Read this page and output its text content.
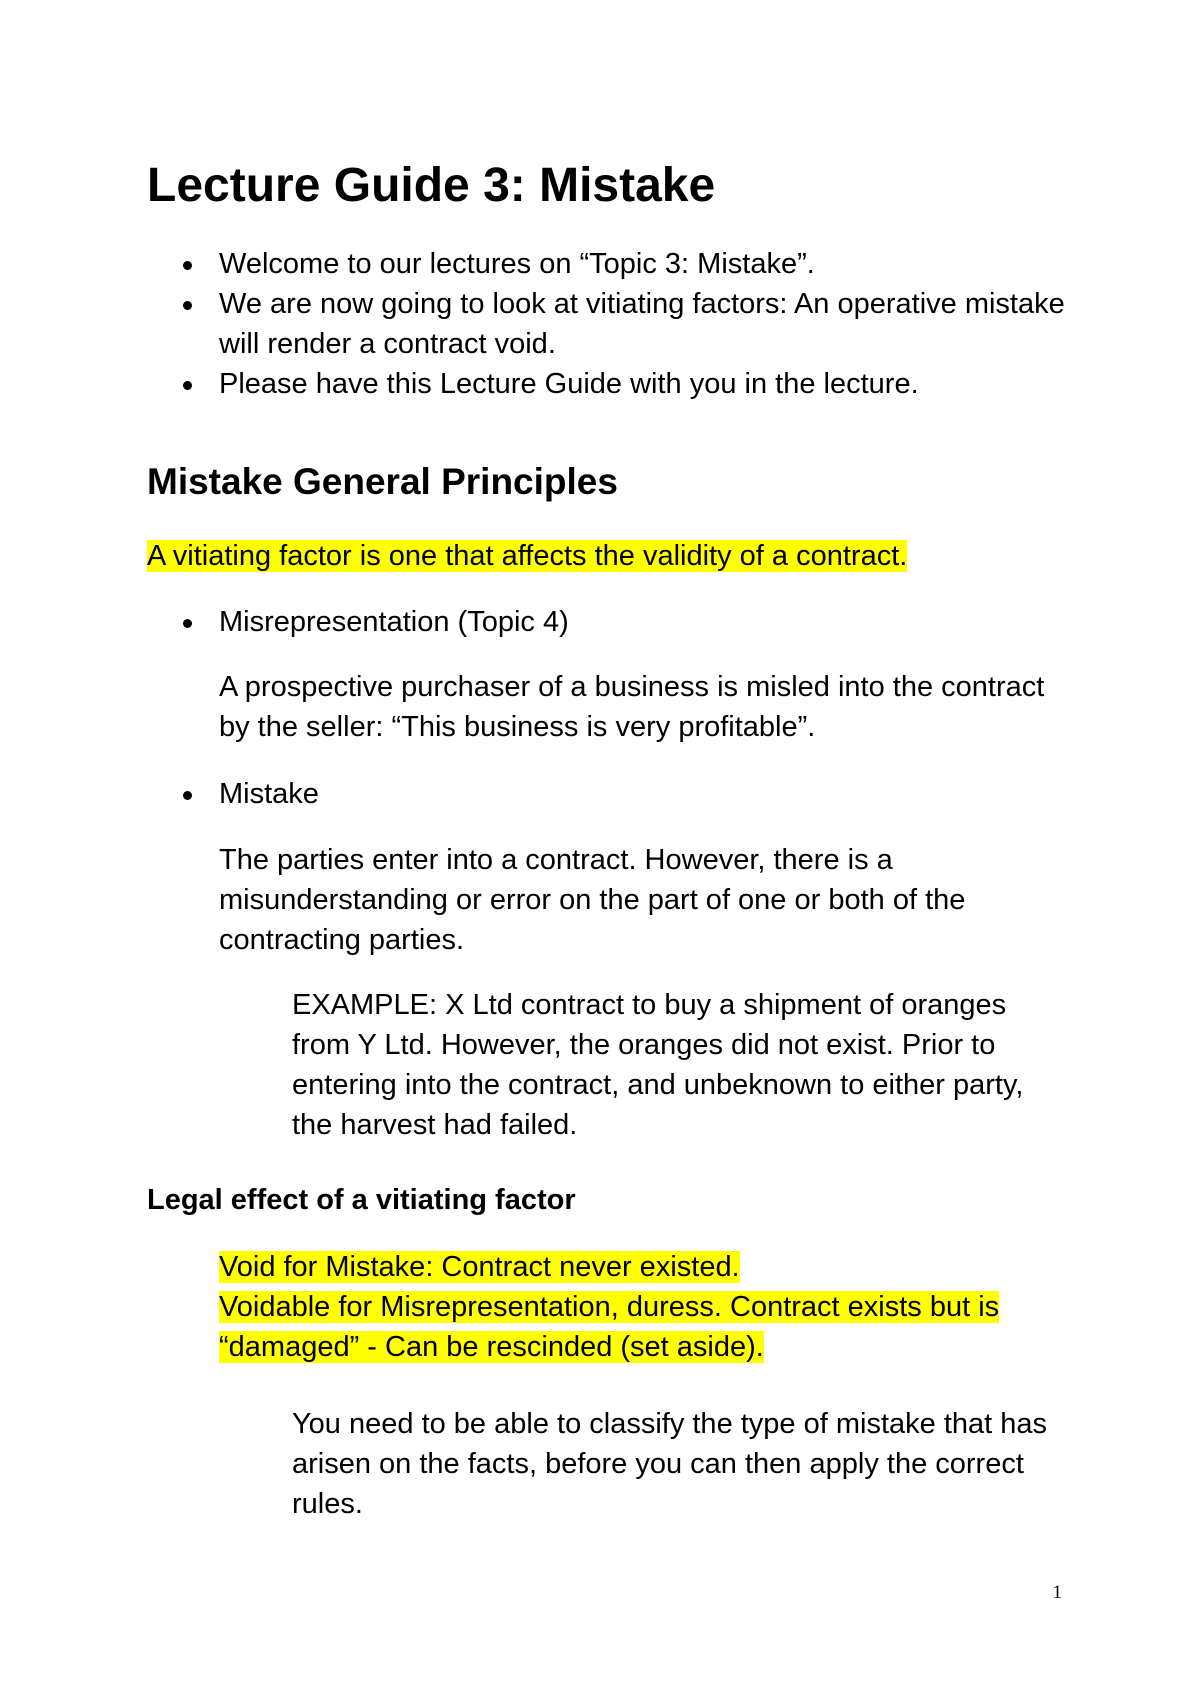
Lecture Guide 3: Mistake
Welcome to our lectures on “Topic 3: Mistake”.
We are now going to look at vitiating factors: An operative mistake will render a contract void.
Please have this Lecture Guide with you in the lecture.
Mistake General Principles
A vitiating factor is one that affects the validity of a contract.
Misrepresentation (Topic 4)
A prospective purchaser of a business is misled into the contract by the seller: “This business is very profitable”.
Mistake
The parties enter into a contract. However, there is a misunderstanding or error on the part of one or both of the contracting parties.
EXAMPLE: X Ltd contract to buy a shipment of oranges from Y Ltd. However, the oranges did not exist. Prior to entering into the contract, and unbeknown to either party, the harvest had failed.
Legal effect of a vitiating factor
Void for Mistake: Contract never existed.
Voidable for Misrepresentation, duress. Contract exists but is “damaged” - Can be rescinded (set aside).
You need to be able to classify the type of mistake that has arisen on the facts, before you can then apply the correct rules.
1
